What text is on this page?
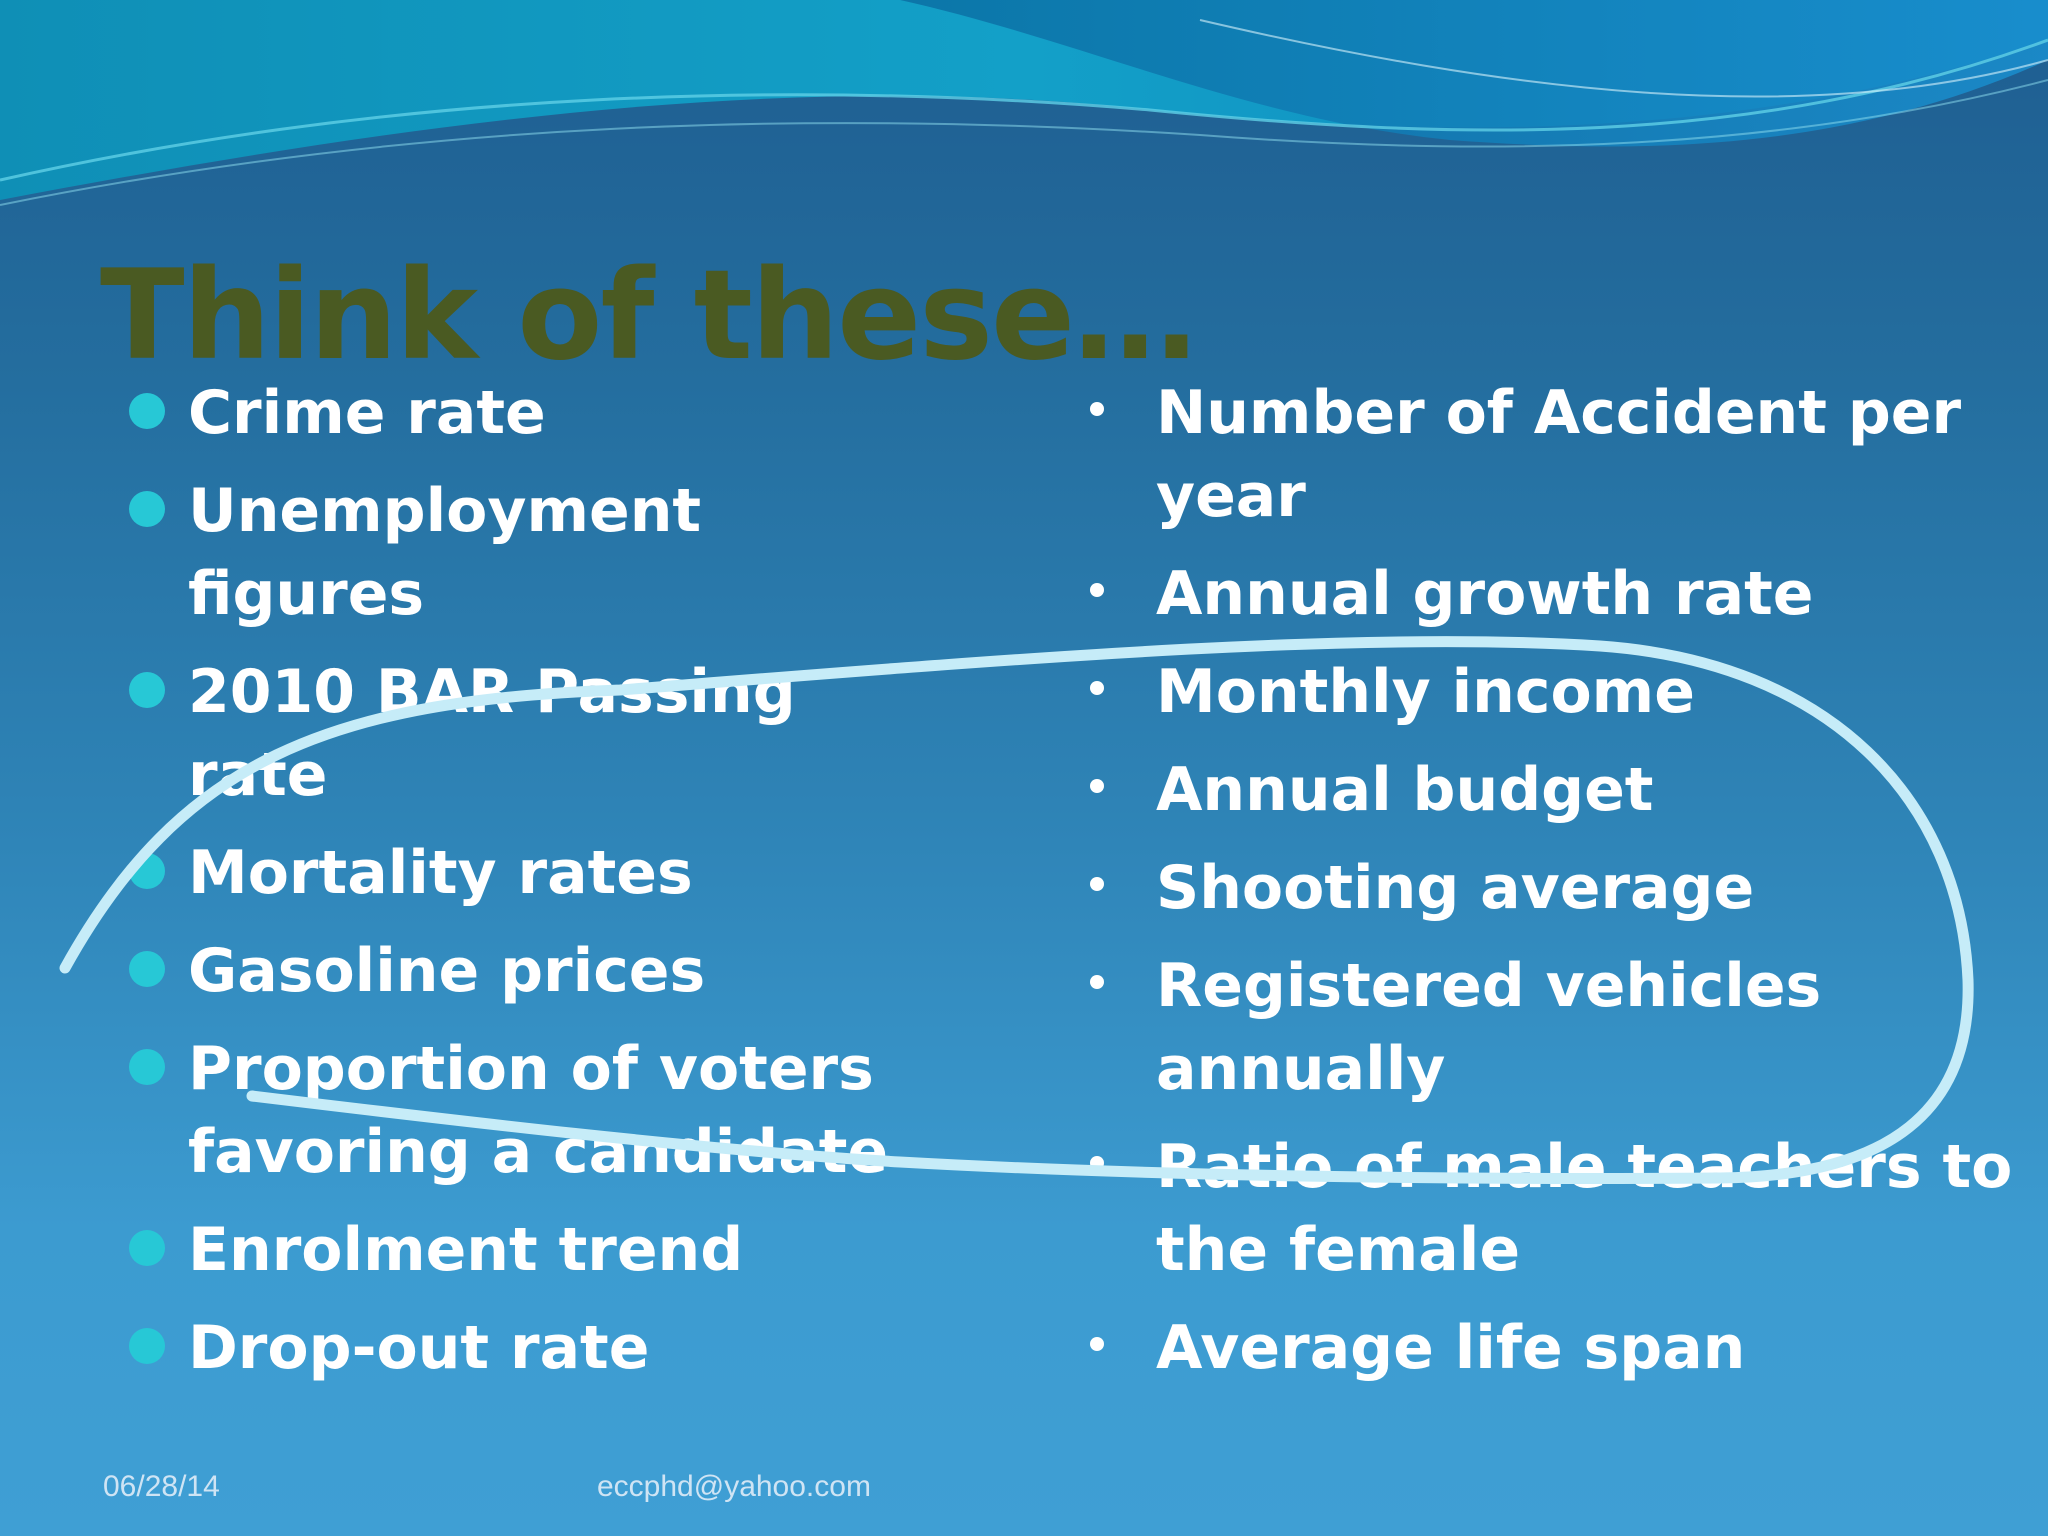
Think of these…
Crime rate
Unemployment figures
2010 BAR Passing rate
Mortality rates
Gasoline prices
Proportion of voters favoring a candidate
Enrolment trend
Drop-out rate
Number of Accident per year
Annual growth rate
Monthly income
Annual budget
Shooting average
Registered vehicles annually
Ratio of male teachers to the female
Average life span
06/28/14	eccphd@yahoo.com
